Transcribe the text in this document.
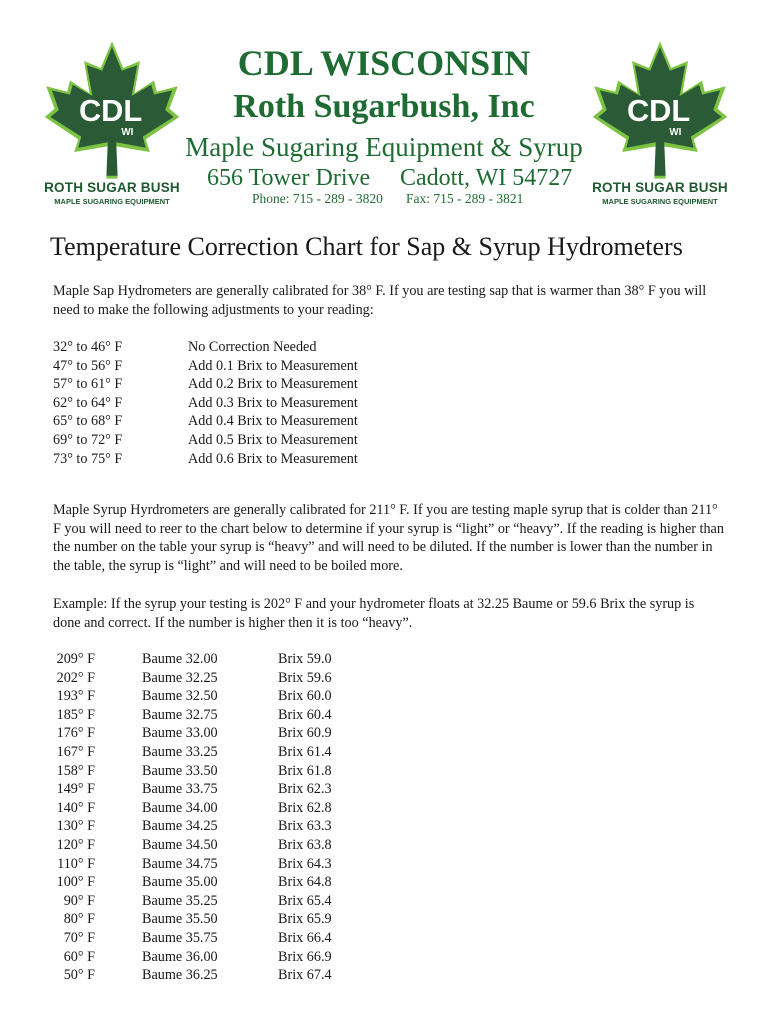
CDL
WI
ROTH SUGAR BUSH
MAPLE SUGARING EQUIPMENT
CDL
WI
ROTH SUGAR BUSH
MAPLE SUGARING EQUIPMENT
CDL WISCONSIN
Roth Sugarbush, Inc
Maple Sugaring Equipment & Syrup
656 Tower Drive Cadott, WI 54727
Phone: 715 - 289 - 3820 Fax: 715 - 289 - 3821
Temperature Correction Chart for Sap & Syrup Hydrometers
Maple Sap Hydrometers are generally calibrated for 38° F. If you are testing sap that is warmer than 38° F you will need to make the following adjustments to your reading:
32° to 46° F	No Correction Needed
47° to 56° F	Add 0.1 Brix to Measurement
57° to 61° F	Add 0.2 Brix to Measurement
62° to 64° F	Add 0.3 Brix to Measurement
65° to 68° F	Add 0.4 Brix to Measurement
69° to 72° F	Add 0.5 Brix to Measurement
73° to 75° F	Add 0.6 Brix to Measurement
Maple Syrup Hyrdrometers are generally calibrated for 211° F. If you are testing maple syrup that is colder than 211° F you will need to reer to the chart below to determine if your syrup is “light” or “heavy”. If the reading is higher than the number on the table your syrup is “heavy” and will need to be diluted. If the number is lower than the number in the table, the syrup is “light” and will need to be boiled more.
Example: If the syrup your testing is 202° F and your hydrometer floats at 32.25 Baume or 59.6 Brix the syrup is done and correct. If the number is higher then it is too “heavy”.
209° F	Baume 32.00	Brix 59.0
202° F	Baume 32.25	Brix 59.6
193° F	Baume 32.50	Brix 60.0
185° F	Baume 32.75	Brix 60.4
176° F	Baume 33.00	Brix 60.9
167° F	Baume 33.25	Brix 61.4
158° F	Baume 33.50	Brix 61.8
149° F	Baume 33.75	Brix 62.3
140° F	Baume 34.00	Brix 62.8
130° F	Baume 34.25	Brix 63.3
120° F	Baume 34.50	Brix 63.8
110° F	Baume 34.75	Brix 64.3
100° F	Baume 35.00	Brix 64.8
90° F	Baume 35.25	Brix 65.4
80° F	Baume 35.50	Brix 65.9
70° F	Baume 35.75	Brix 66.4
60° F	Baume 36.00	Brix 66.9
50° F	Baume 36.25	Brix 67.4
